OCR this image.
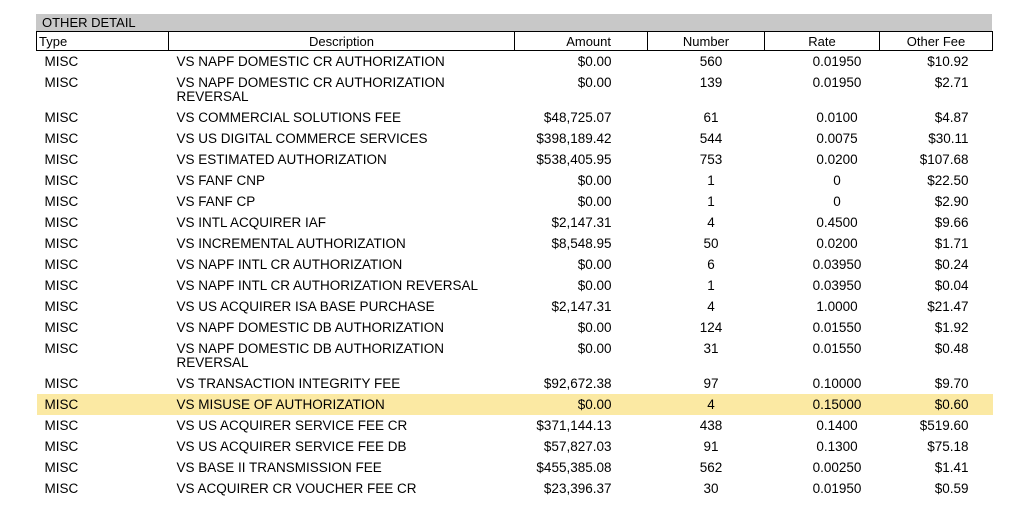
OTHER DETAIL
Type	Description	Amount	Number	Rate	Other Fee
MISC	VS NAPF DOMESTIC CR AUTHORIZATION	$0.00	560	0.01950	$10.92
MISC	VS NAPF DOMESTIC CR AUTHORIZATION REVERSAL	$0.00	139	0.01950	$2.71
MISC	VS COMMERCIAL SOLUTIONS FEE	$48,725.07	61	0.0100	$4.87
MISC	VS US DIGITAL COMMERCE SERVICES	$398,189.42	544	0.0075	$30.11
MISC	VS ESTIMATED AUTHORIZATION	$538,405.95	753	0.0200	$107.68
MISC	VS FANF CNP	$0.00	1	0	$22.50
MISC	VS FANF CP	$0.00	1	0	$2.90
MISC	VS INTL ACQUIRER IAF	$2,147.31	4	0.4500	$9.66
MISC	VS INCREMENTAL AUTHORIZATION	$8,548.95	50	0.0200	$1.71
MISC	VS NAPF INTL CR AUTHORIZATION	$0.00	6	0.03950	$0.24
MISC	VS NAPF INTL CR AUTHORIZATION REVERSAL	$0.00	1	0.03950	$0.04
MISC	VS US ACQUIRER ISA BASE PURCHASE	$2,147.31	4	1.0000	$21.47
MISC	VS NAPF DOMESTIC DB AUTHORIZATION	$0.00	124	0.01550	$1.92
MISC	VS NAPF DOMESTIC DB AUTHORIZATION REVERSAL	$0.00	31	0.01550	$0.48
MISC	VS TRANSACTION INTEGRITY FEE	$92,672.38	97	0.10000	$9.70
MISC	VS MISUSE OF AUTHORIZATION	$0.00	4	0.15000	$0.60
MISC	VS US ACQUIRER SERVICE FEE CR	$371,144.13	438	0.1400	$519.60
MISC	VS US ACQUIRER SERVICE FEE DB	$57,827.03	91	0.1300	$75.18
MISC	VS BASE II TRANSMISSION FEE	$455,385.08	562	0.00250	$1.41
MISC	VS ACQUIRER CR VOUCHER FEE CR	$23,396.37	30	0.01950	$0.59
